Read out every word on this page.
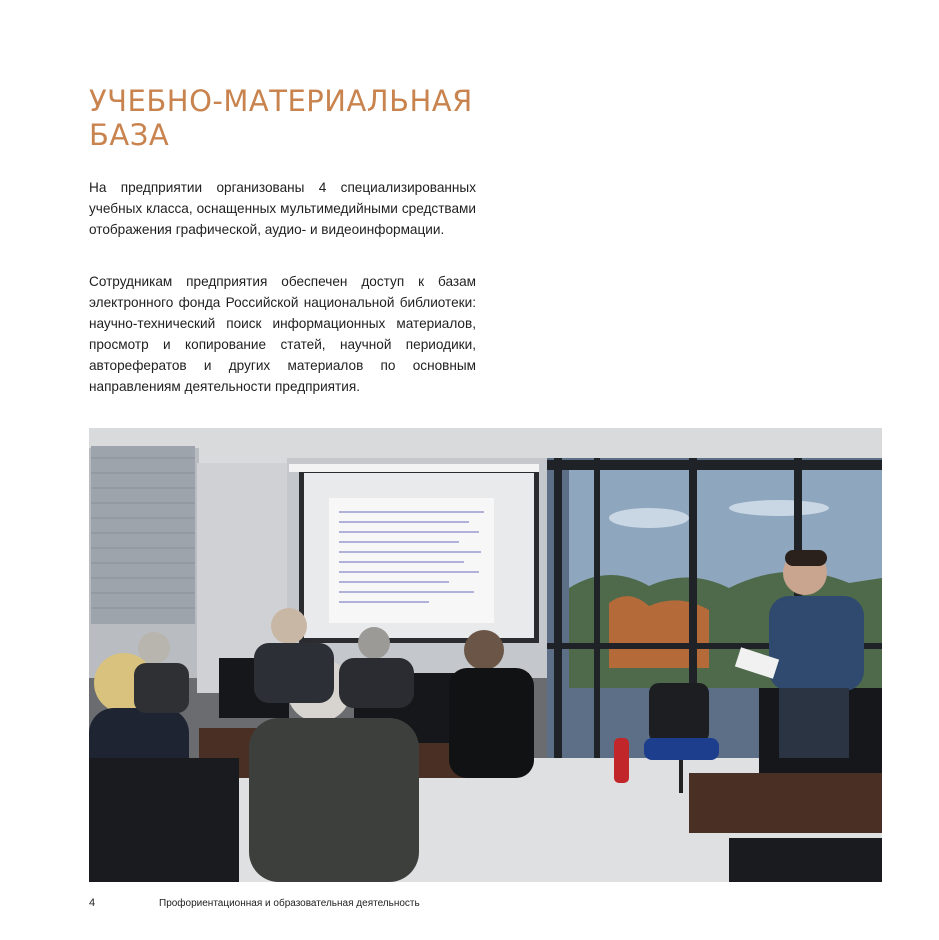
УЧЕБНО-МАТЕРИАЛЬНАЯ
БАЗА

На предприятии организованы 4 специализированных учебных класса, оснащенных мультимедийными средствами отображения графической, аудио- и видеоинформации.

Сотрудникам предприятия обеспечен доступ к базам электронного фонда Российской национальной библиотеки: научно-технический поиск информационных материалов, просмотр и копирование статей, научной периодики, авторефератов и других материалов по основным направлениям деятельности предприятия.

4	Профориентационная и образовательная деятельность
